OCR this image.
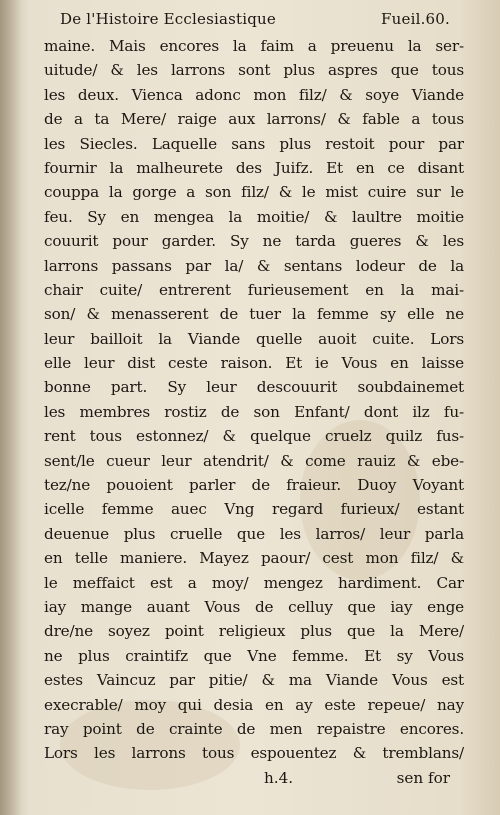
De l'Histoire Ecclesiastique	Fueil.60.
maine. Mais encores la faim a preuenu la ser-
uitude/ & les larrons sont plus aspres que tous
les deux. Vienca adonc mon filz/ & soye Viande
de a ta Mere/ raige aux larrons/ & fable a tous
les Siecles. Laquelle sans plus restoit pour par
fournir la malheurete des Juifz. Et en ce disant
couppa la gorge a son filz/ & le mist cuire sur le
feu. Sy en mengea la moitie/ & laultre moitie
couurit pour garder. Sy ne tarda gueres & les
larrons passans par la/ & sentans lodeur de la
chair cuite/ entrerent furieusement en la mai-
son/ & menasserent de tuer la femme sy elle ne
leur bailloit la Viande quelle auoit cuite. Lors
elle leur dist ceste raison. Et ie Vous en laisse
bonne part. Sy leur descouurit soubdainemet
les membres rostiz de son Enfant/ dont ilz fu-
rent tous estonnez/ & quelque cruelz quilz fus-
sent/le cueur leur atendrit/ & come rauiz & ebe-
tez/ne pouoient parler de fraieur. Duoy Voyant
icelle femme auec Vng regard furieux/ estant
deuenue plus cruelle que les larros/ leur parla
en telle maniere. Mayez paour/ cest mon filz/ &
le meffaict est a moy/ mengez hardiment. Car
iay mange auant Vous de celluy que iay enge
dre/ne soyez point religieux plus que la Mere/
ne plus craintifz que Vne femme. Et sy Vous
estes Vaincuz par pitie/ & ma Viande Vous est
execrable/ moy qui desia en ay este repeue/ nay
ray point de crainte de men repaistre encores.
Lors les larrons tous espouentez & tremblans/
h.4.	sen for
